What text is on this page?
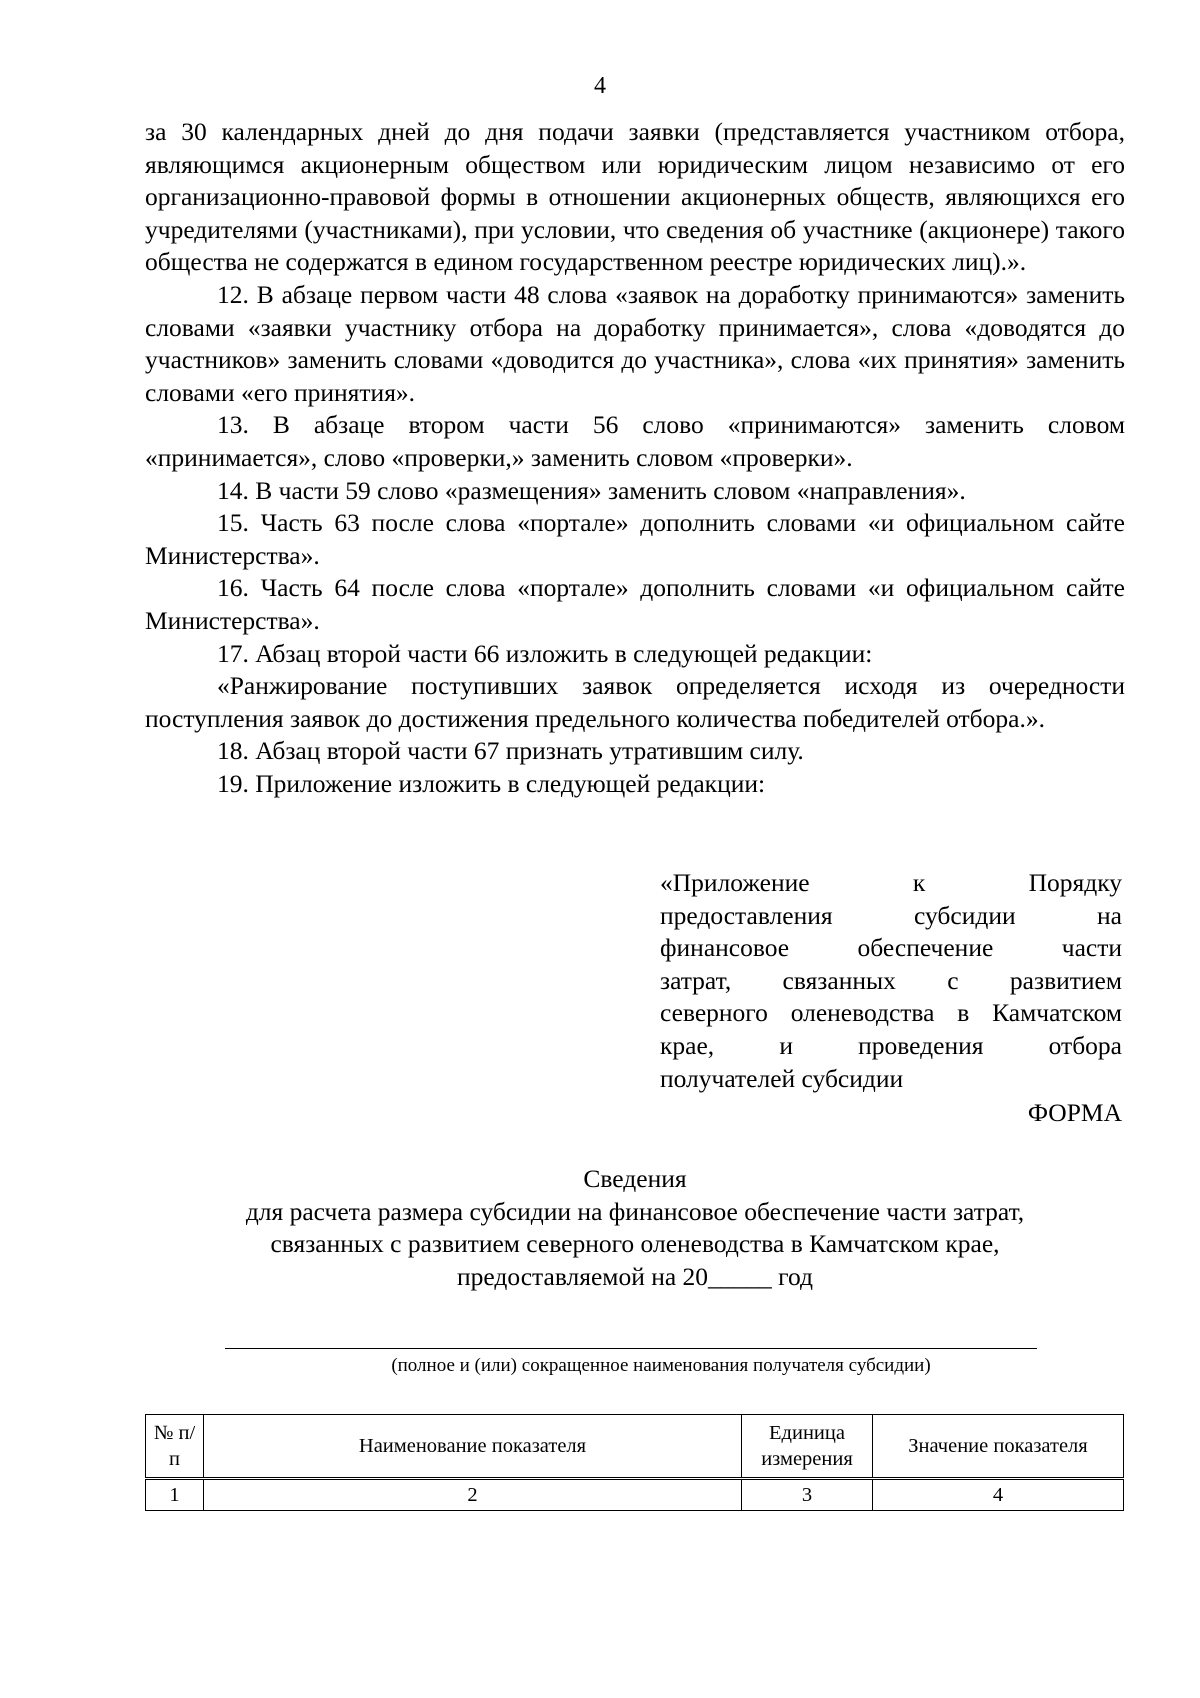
4

за 30 календарных дней до дня подачи заявки (представляется участником отбора, являющимся акционерным обществом или юридическим лицом независимо от его организационно-правовой формы в отношении акционерных обществ, являющихся его учредителями (участниками), при условии, что сведения об участнике (акционере) такого общества не содержатся в едином государственном реестре юридических лиц).».

12. В абзаце первом части 48 слова «заявок на доработку принимаются» заменить словами «заявки участнику отбора на доработку принимается», слова «доводятся до участников» заменить словами «доводится до участника», слова «их принятия» заменить словами «его принятия».

13. В абзаце втором части 56 слово «принимаются» заменить словом «принимается», слово «проверки,» заменить словом «проверки».

14. В части 59 слово «размещения» заменить словом «направления».

15. Часть 63 после слова «портале» дополнить словами «и официальном сайте Министерства».

16. Часть 64 после слова «портале» дополнить словами «и официальном сайте Министерства».

17. Абзац второй части 66 изложить в следующей редакции:

«Ранжирование поступивших заявок определяется исходя из очередности поступления заявок до достижения предельного количества победителей отбора.».

18. Абзац второй части 67 признать утратившим силу.

19. Приложение изложить в следующей редакции:

«Приложение к Порядку

предоставления субсидии на

финансовое обеспечение части

затрат, связанных с развитием

северного оленеводства в Камчатском

крае, и проведения отбора

получателей субсидии

ФОРМА
Сведения
для расчета размера субсидии на финансовое обеспечение части затрат,
связанных с развитием северного оленеводства в Камчатском крае,
предоставляемой на 20_____ год
(полное и (или) сокращенное наименования получателя субсидии)
№ п/п	Наименование показателя	Единица измерения	Значение показателя
1	2	3	4
